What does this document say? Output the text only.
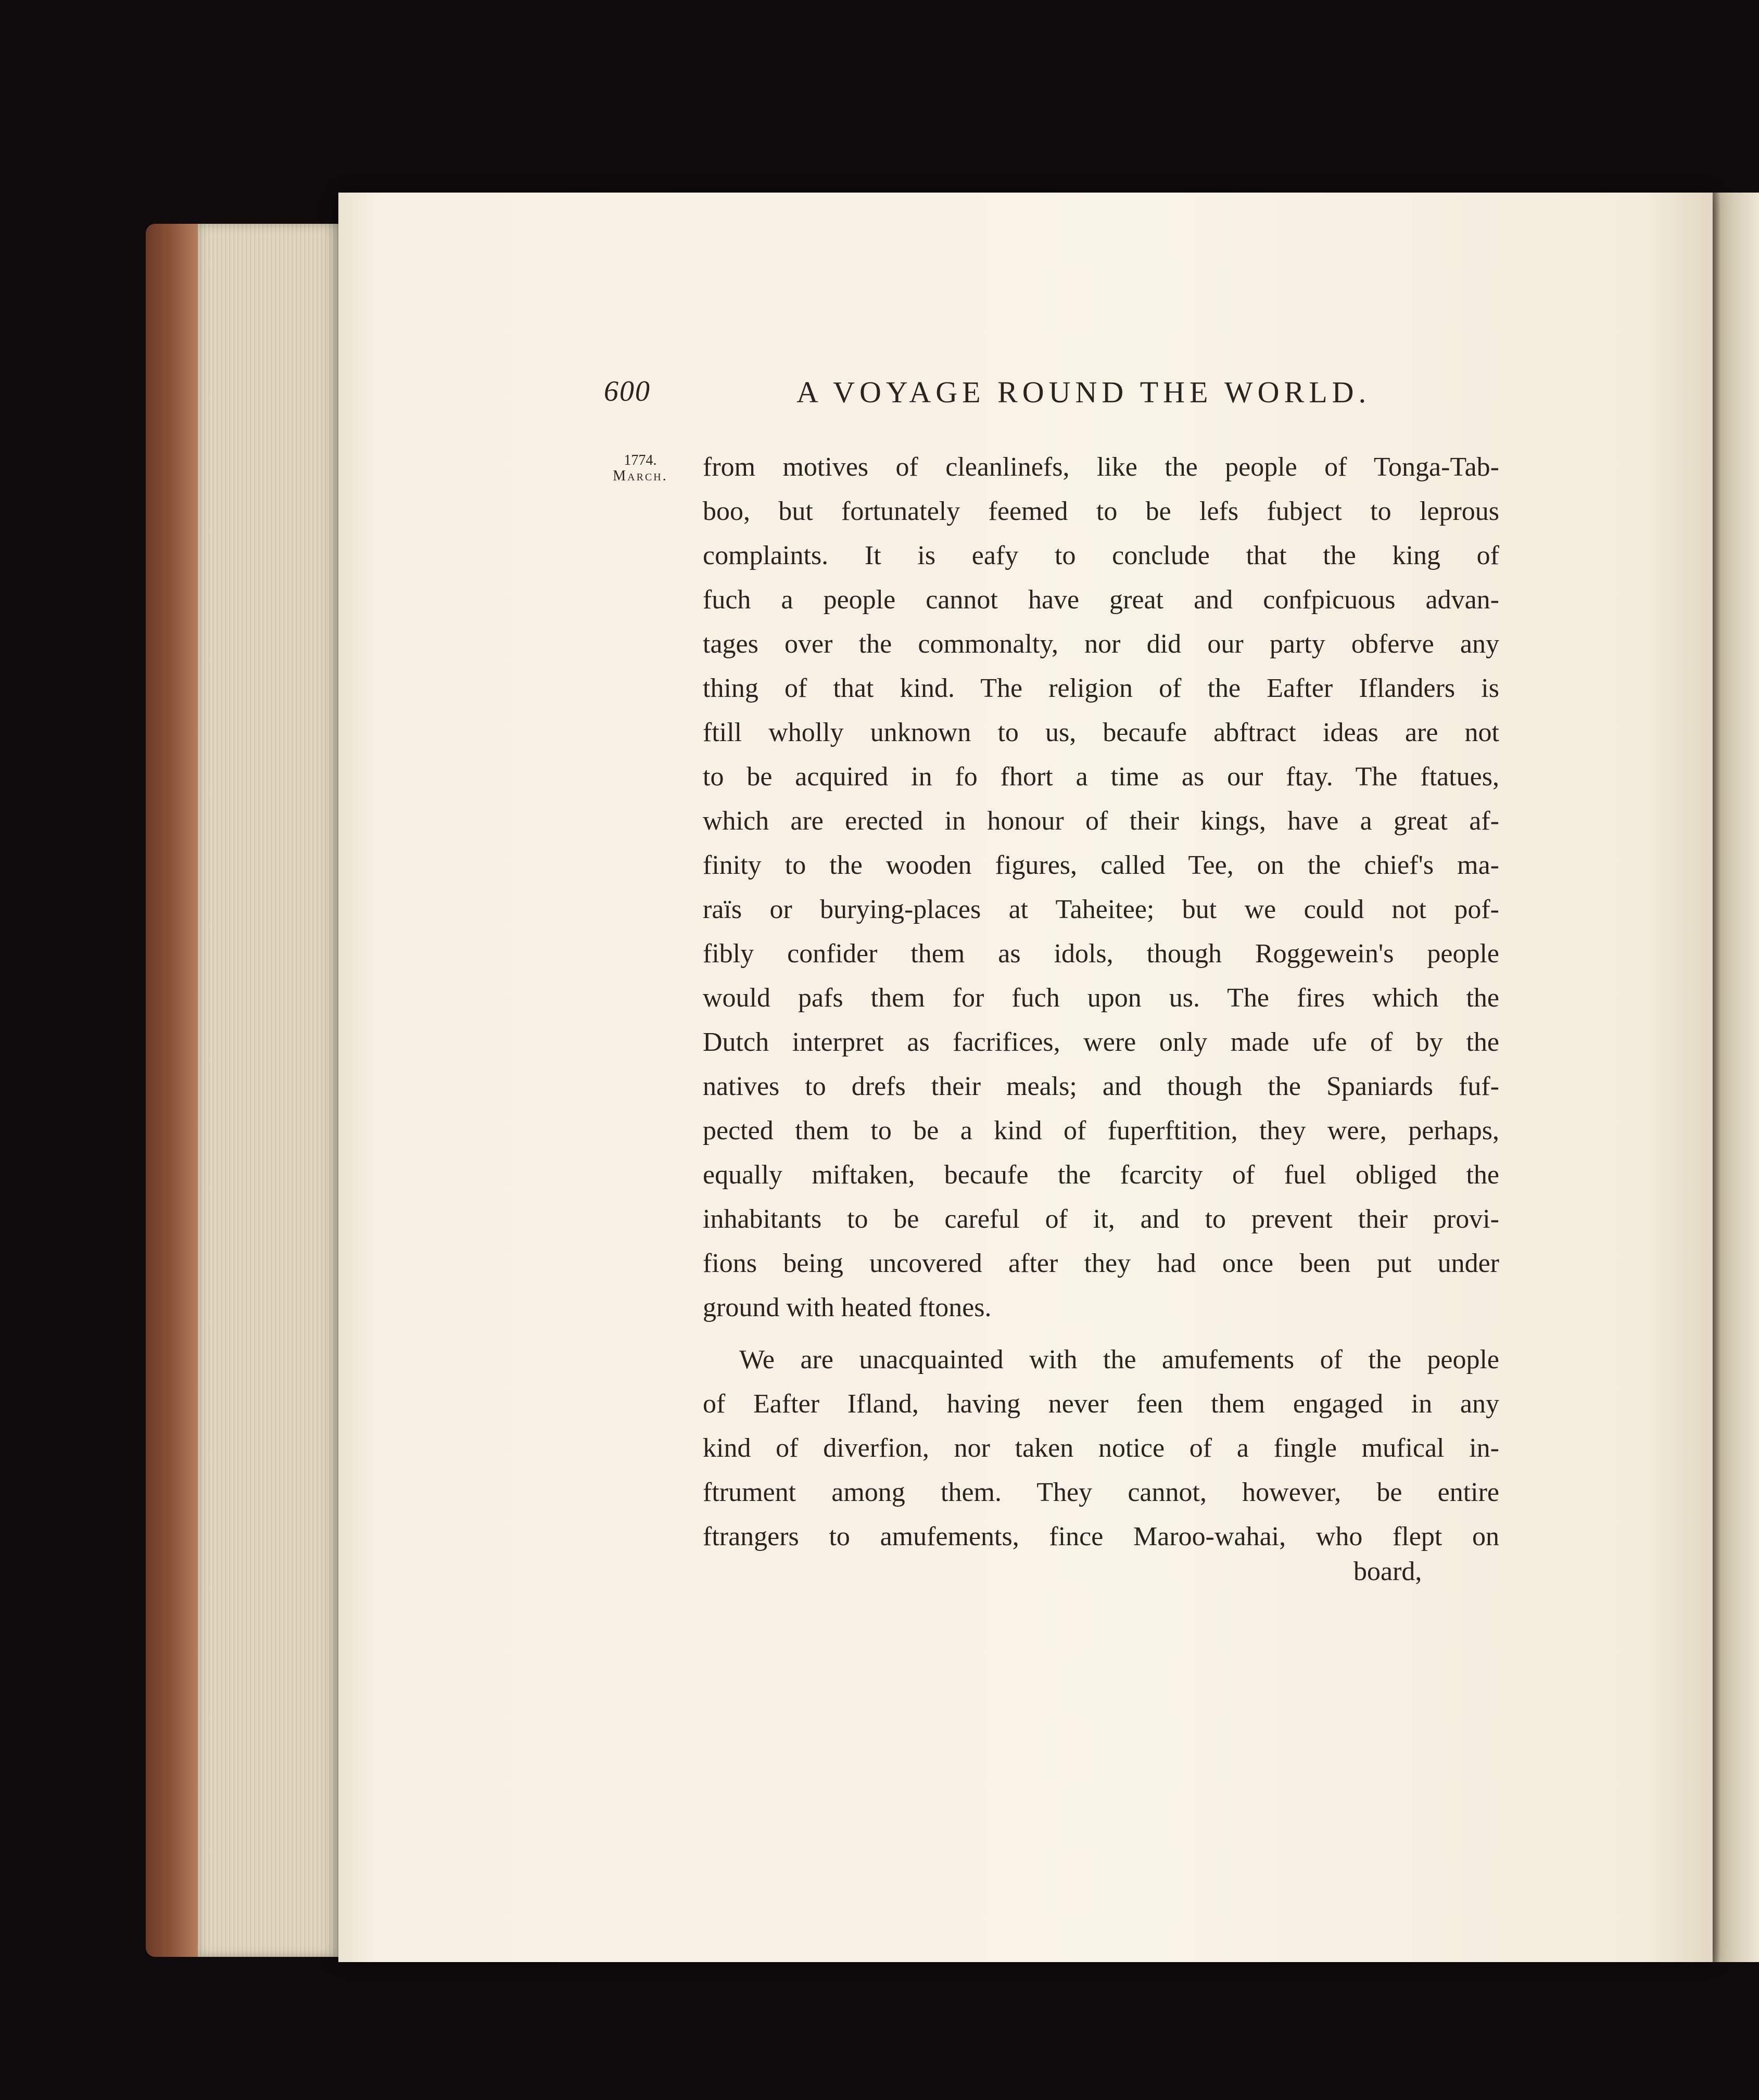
600	A VOYAGE ROUND THE WORLD.
1774.
March.	from motives of cleanlinefs, like the people of Tonga-Tab-
boo, but fortunately feemed to be lefs fubject to leprous
complaints. It is eafy to conclude that the king of
fuch a people cannot have great and confpicuous advan-
tages over the commonalty, nor did our party obferve any
thing of that kind. The religion of the Eafter Iflanders is
ftill wholly unknown to us, becaufe abftract ideas are not
to be acquired in fo fhort a time as our ftay. The ftatues,
which are erected in honour of their kings, have a great af-
finity to the wooden figures, called Tee, on the chief's ma-
raïs or burying-places at Taheitee; but we could not pof-
fibly confider them as idols, though Roggewein's people
would pafs them for fuch upon us. The fires which the
Dutch interpret as facrifices, were only made ufe of by the
natives to drefs their meals; and though the Spaniards fuf-
pected them to be a kind of fuperftition, they were, perhaps,
equally miftaken, becaufe the fcarcity of fuel obliged the
inhabitants to be careful of it, and to prevent their provi-
fions being uncovered after they had once been put under
ground with heated ftones.
We are unacquainted with the amufements of the people
of Eafter Ifland, having never feen them engaged in any
kind of diverfion, nor taken notice of a fingle mufical in-
ftrument among them. They cannot, however, be entire
ftrangers to amufements, fince Maroo-wahai, who flept on
board,
